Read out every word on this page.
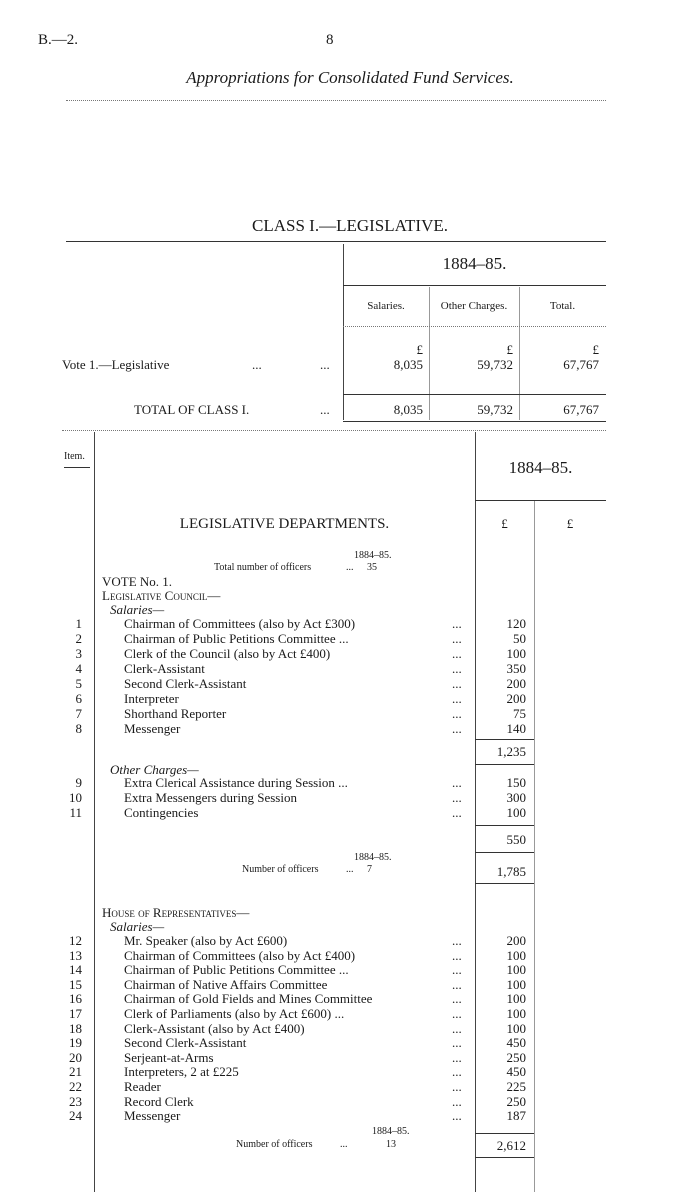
B.—2.	8
Appropriations for Consolidated Fund Services.
CLASS I.—LEGISLATIVE.
1884–85.
Salaries.	Other Charges.	Total.
£	£	£
Vote 1.—Legislative	...	...	8,035	59,732	67,767
TOTAL OF CLASS I.	...	8,035	59,732	67,767
Item.
1884–85.
£	£
LEGISLATIVE DEPARTMENTS.
1884–85.
Total number of officers	... 35
VOTE No. 1.
Legislative Council—
Salaries—
1	Chairman of Committees (also by Act £300)	...	120
2	Chairman of Public Petitions Committee ...	...	50
3	Clerk of the Council (also by Act £400)	...	100
4	Clerk-Assistant	...	350
5	Second Clerk-Assistant	...	200
6	Interpreter	...	200
7	Shorthand Reporter	...	75
8	Messenger	...	140
1,235
Other Charges—
9	Extra Clerical Assistance during Session ...	...	150
10	Extra Messengers during Session	...	300
11	Contingencies	...	100
550
1884–85.
Number of officers	... 7	1,785
House of Representatives—
Salaries—
12	Mr. Speaker (also by Act £600)	...	200
13	Chairman of Committees (also by Act £400)	...	100
14	Chairman of Public Petitions Committee ...	...	100
15	Chairman of Native Affairs Committee	...	100
16	Chairman of Gold Fields and Mines Committee	...	100
17	Clerk of Parliaments (also by Act £600) ...	...	100
18	Clerk-Assistant (also by Act £400)	...	100
19	Second Clerk-Assistant	...	450
20	Serjeant-at-Arms	...	250
21	Interpreters, 2 at £225	...	450
22	Reader	...	225
23	Record Clerk	...	250
24	Messenger	...	187
1884–85.
Number of officers	...	13	2,612
